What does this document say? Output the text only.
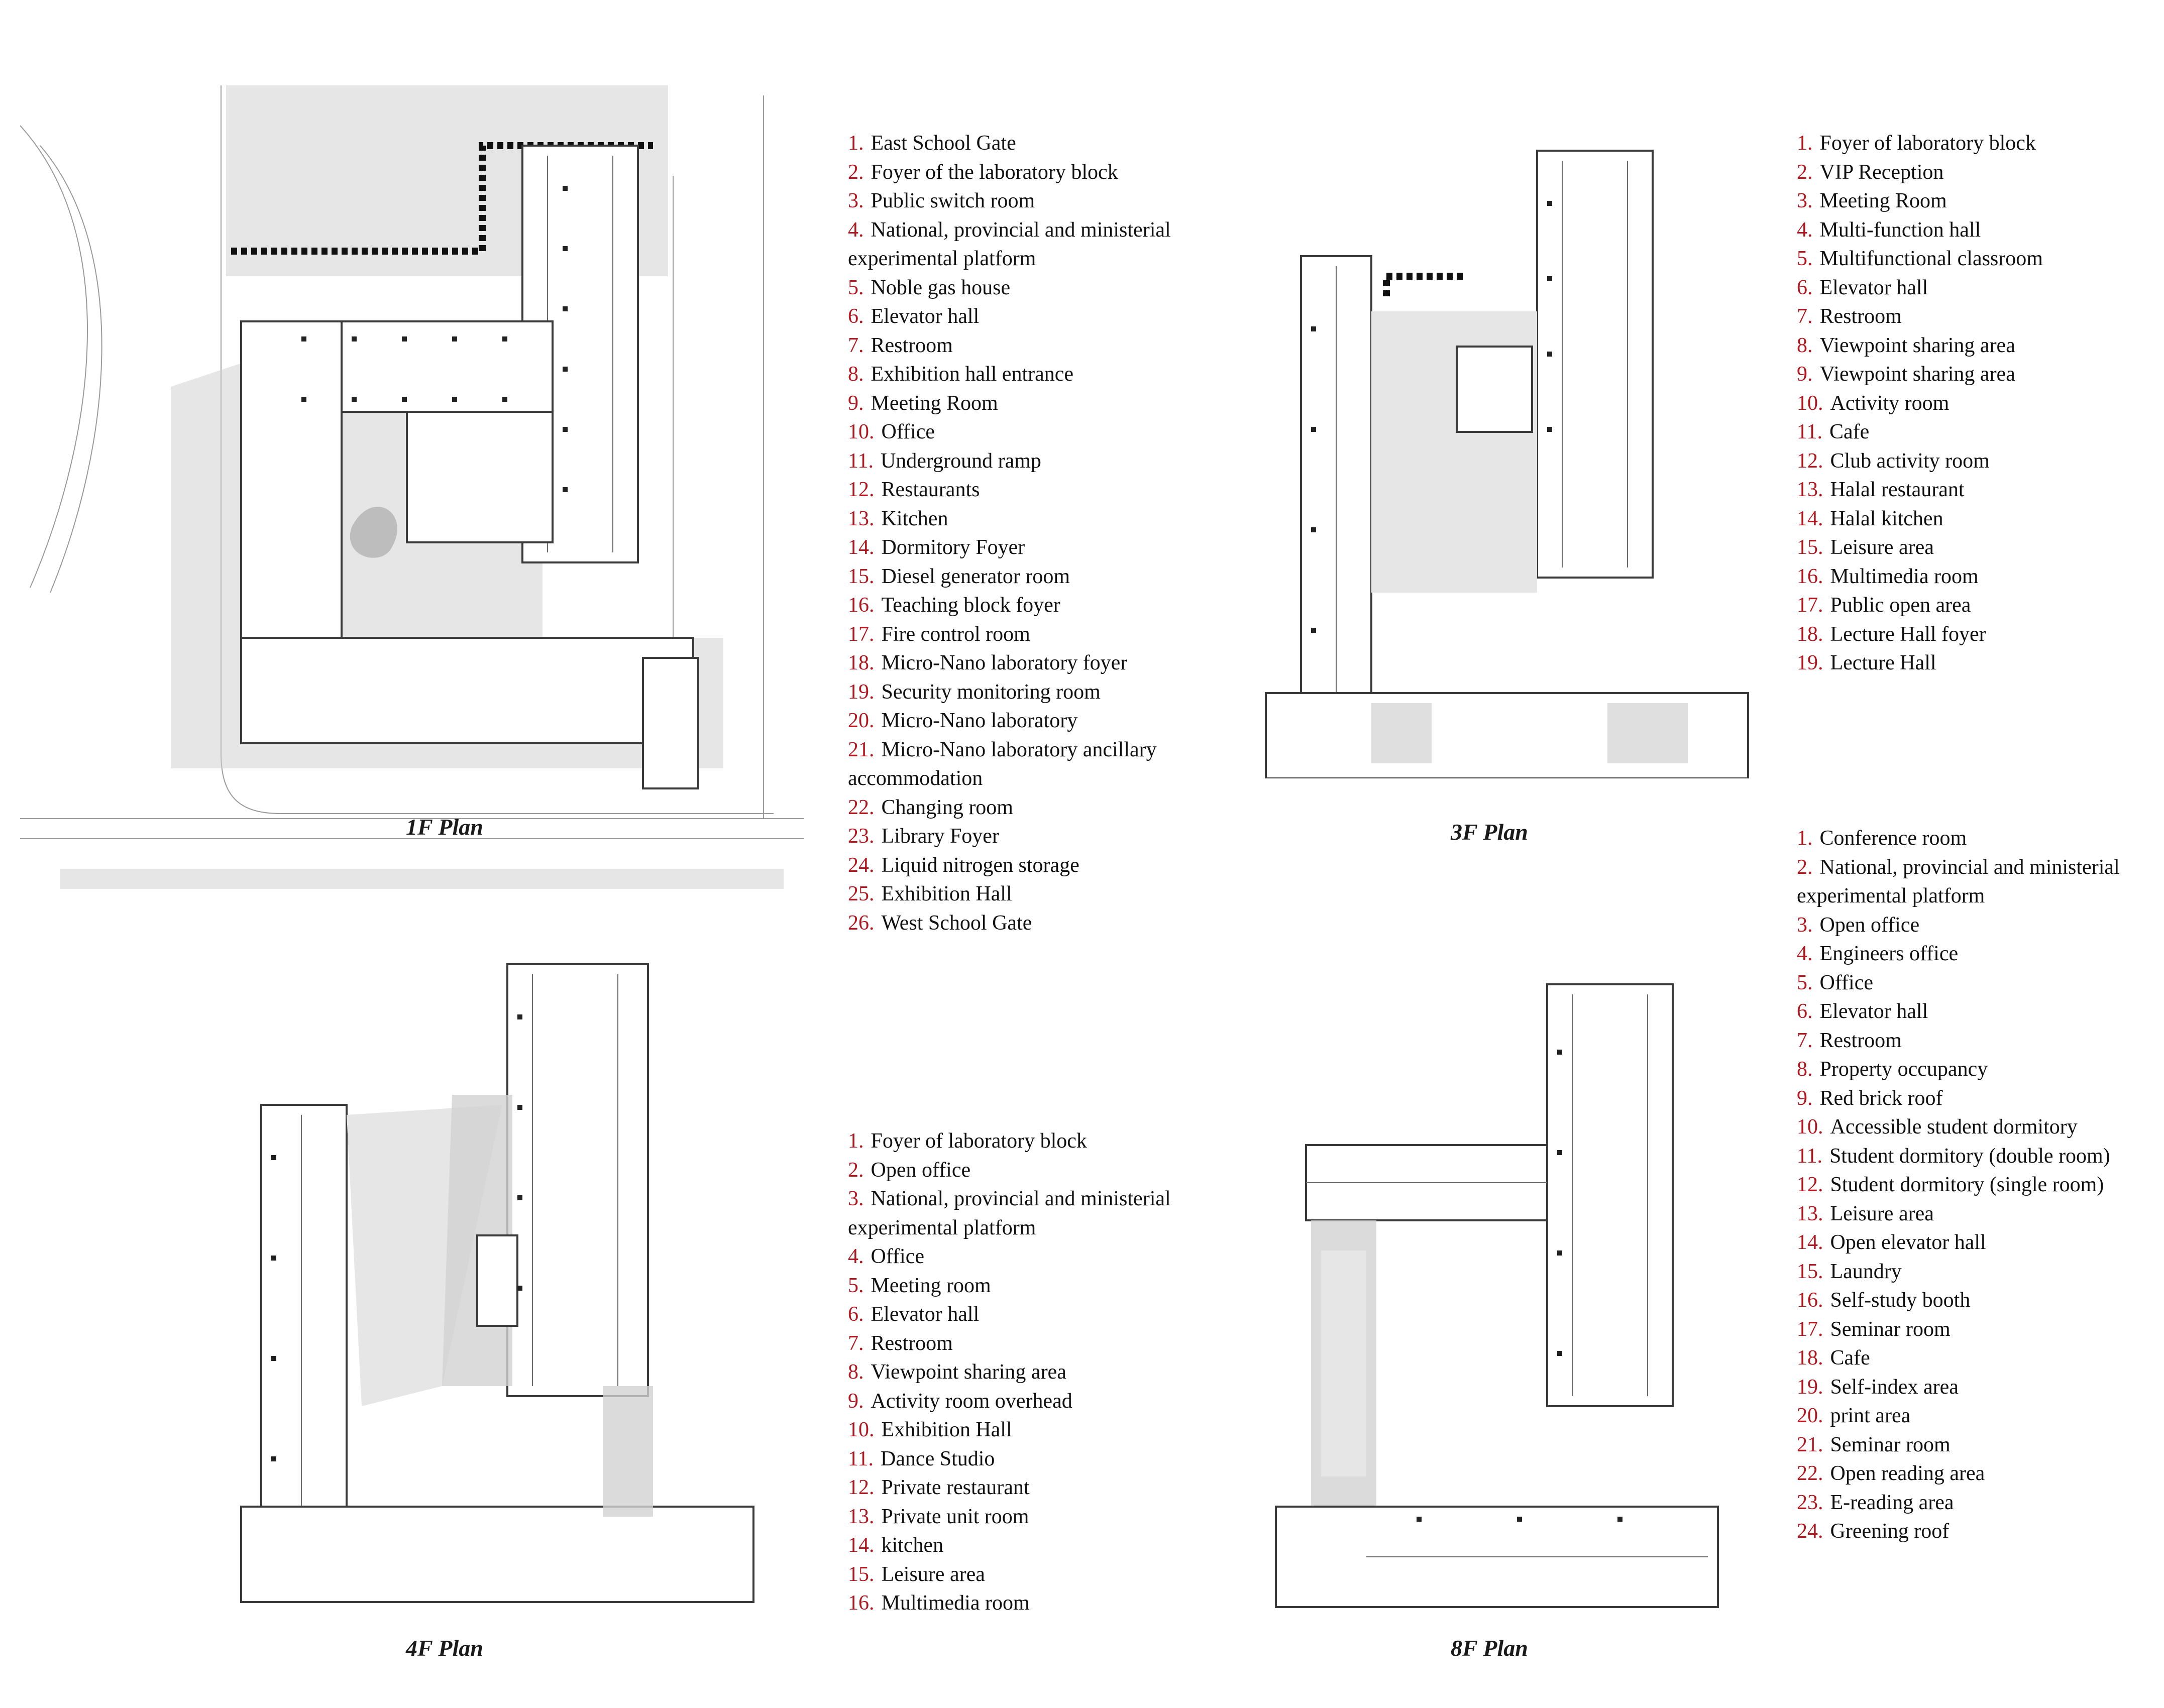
1F Plan	3F Plan
4F Plan	8F Plan
1. East School Gate
2. Foyer of the laboratory block
3. Public switch room
4. National, provincial and ministerial experimental platform
5. Noble gas house
6. Elevator hall
7. Restroom
8. Exhibition hall entrance
9. Meeting Room
10. Office
11. Underground ramp
12. Restaurants
13. Kitchen
14. Dormitory Foyer
15. Diesel generator room
16. Teaching block foyer
17. Fire control room
18. Micro-Nano laboratory foyer
19. Security monitoring room
20. Micro-Nano laboratory
21. Micro-Nano laboratory ancillary accommodation
22. Changing room
23. Library Foyer
24. Liquid nitrogen storage
25. Exhibition Hall
26. West School Gate
1. Foyer of laboratory block
2. VIP Reception
3. Meeting Room
4. Multi-function hall
5. Multifunctional classroom
6. Elevator hall
7. Restroom
8. Viewpoint sharing area
9. Viewpoint sharing area
10. Activity room
11. Cafe
12. Club activity room
13. Halal restaurant
14. Halal kitchen
15. Leisure area
16. Multimedia room
17. Public open area
18. Lecture Hall foyer
19. Lecture Hall
1. Foyer of laboratory block
2. Open office
3. National, provincial and ministerial experimental platform
4. Office
5. Meeting room
6. Elevator hall
7. Restroom
8. Viewpoint sharing area
9. Activity room overhead
10. Exhibition Hall
11. Dance Studio
12. Private restaurant
13. Private unit room
14. kitchen
15. Leisure area
16. Multimedia room
1. Conference room
2. National, provincial and ministerial experimental platform
3. Open office
4. Engineers office
5. Office
6. Elevator hall
7. Restroom
8. Property occupancy
9. Red brick roof
10. Accessible student dormitory
11. Student dormitory (double room)
12. Student dormitory (single room)
13. Leisure area
14. Open elevator hall
15. Laundry
16. Self-study booth
17. Seminar room
18. Cafe
19. Self-index area
20. print area
21. Seminar room
22. Open reading area
23. E-reading area
24. Greening roof
